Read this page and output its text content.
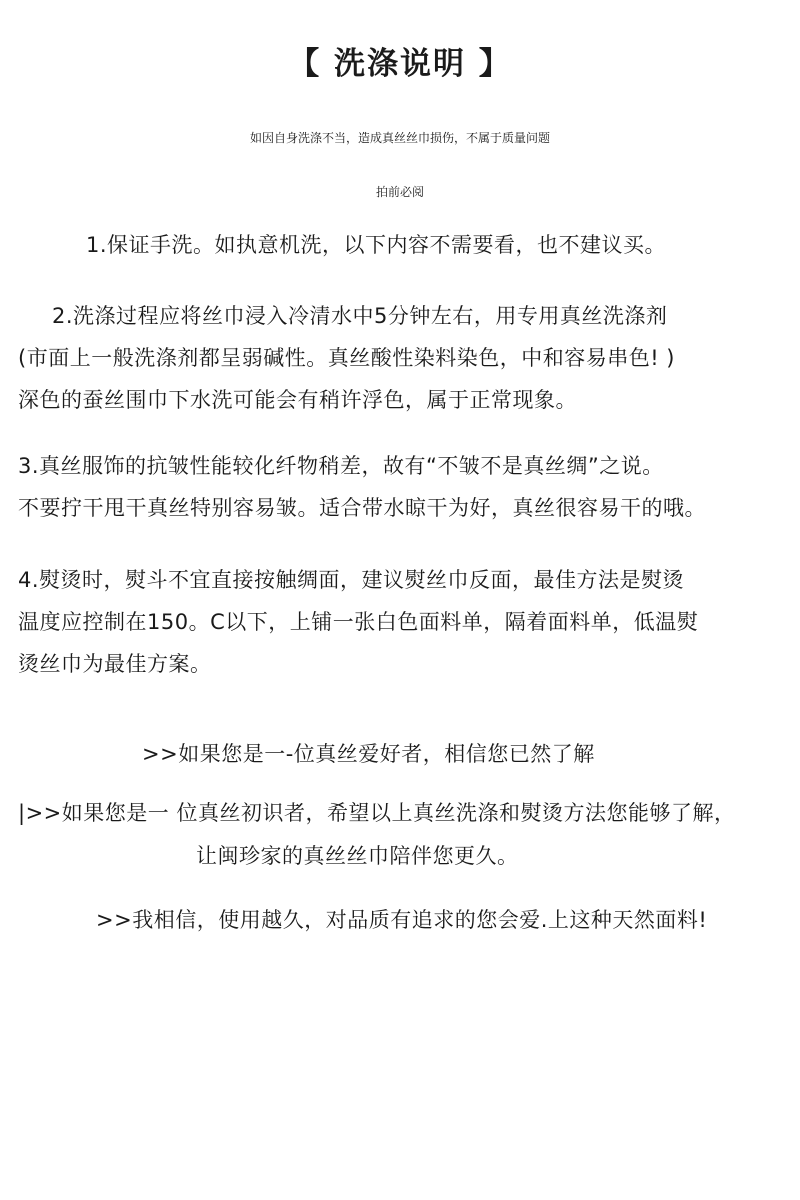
【 洗涤说明 】
如因自身洗涤不当，造成真丝丝巾损伤，不属于质量问题
拍前必阅
1.保证手洗。如执意机洗，以下内容不需要看，也不建议买。
2.洗涤过程应将丝巾浸入冷清水中5分钟左右，用专用真丝洗涤剂
(市面上一般洗涤剂都呈弱碱性。真丝酸性染料染色，中和容易串色! )
深色的蚕丝围巾下水洗可能会有稍许浮色，属于正常现象。
3.真丝服饰的抗皱性能较化纤物稍差，故有“不皱不是真丝绸”之说。
不要拧干甩干真丝特别容易皱。适合带水晾干为好，真丝很容易干的哦。
4.熨烫时，熨斗不宜直接按触绸面，建议熨丝巾反面，最佳方法是熨烫
温度应控制在150。C以下，上铺一张白色面料单，隔着面料单，低温熨
烫丝巾为最佳方案。
>>如果您是一-位真丝爱好者，相信您已然了解
|>>如果您是一 位真丝初识者，希望以上真丝洗涤和熨烫方法您能够了解，
让闽珍家的真丝丝巾陪伴您更久。
>>我相信，使用越久，对品质有追求的您会爱.上这种天然面料!
